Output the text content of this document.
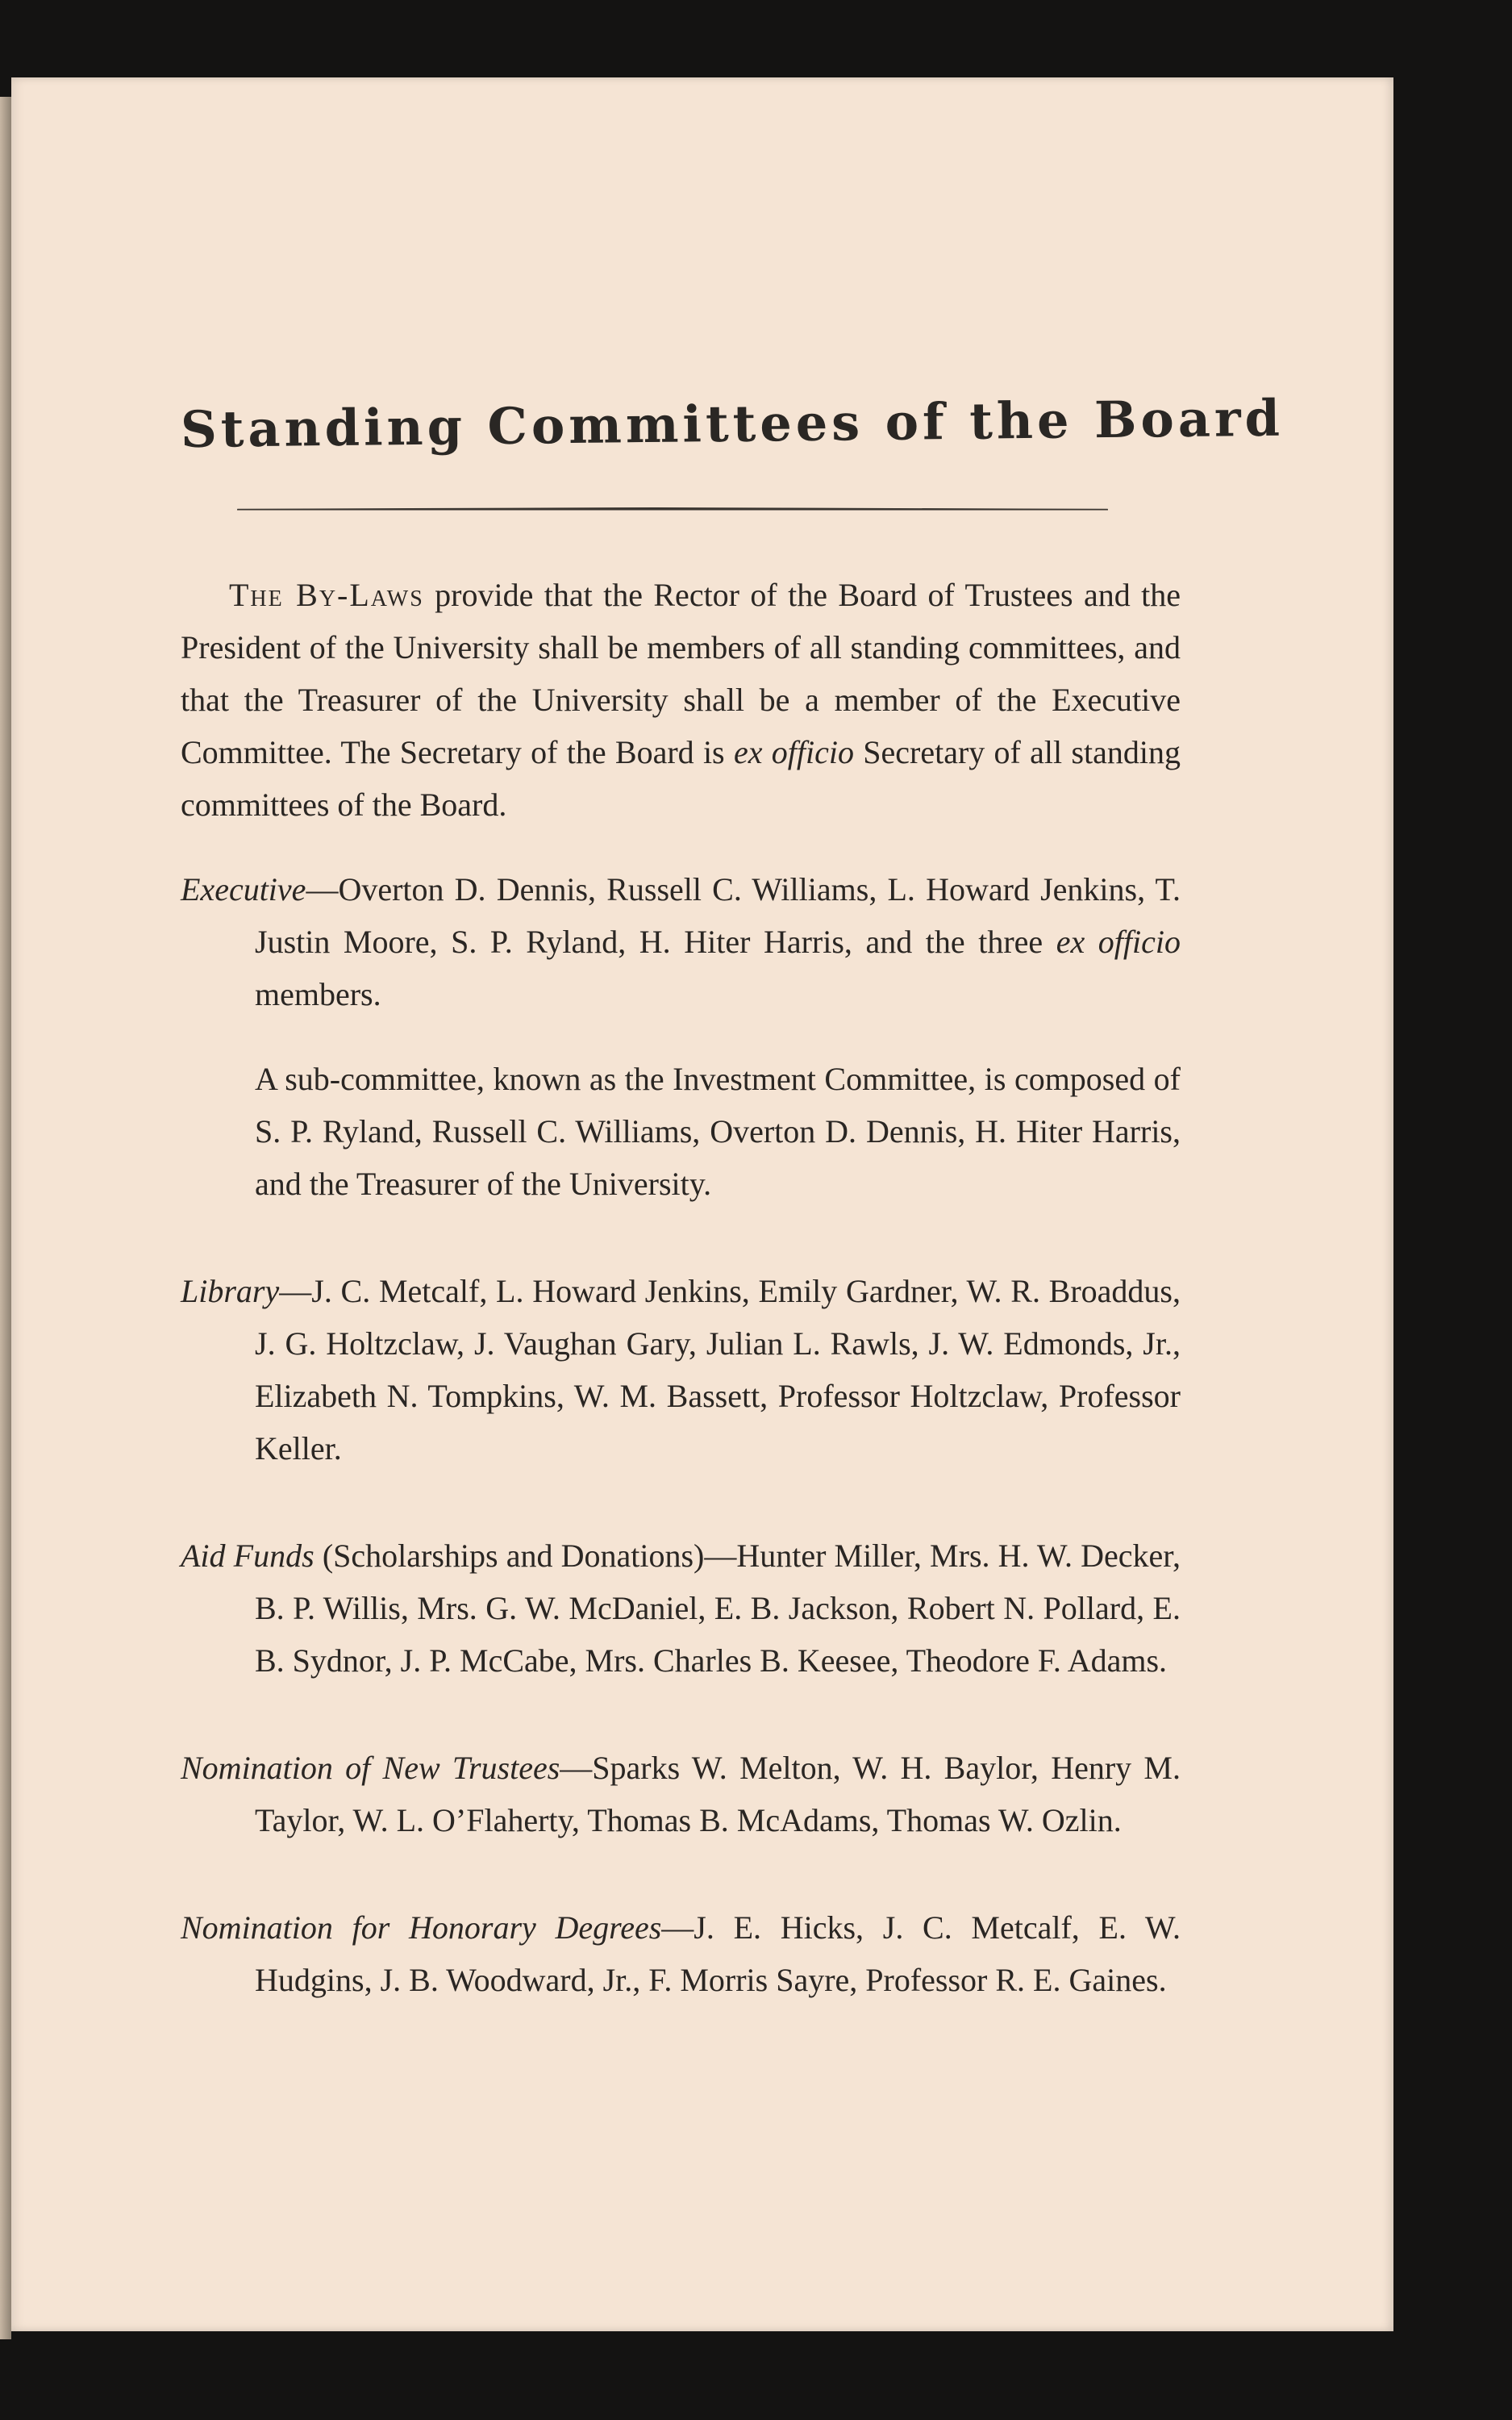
Standing Committees of the Board

The By-Laws provide that the Rector of the Board of Trustees and the President of the University shall be members of all standing committees, and that the Treasurer of the University shall be a member of the Executive Committee. The Secretary of the Board is ex officio Secretary of all standing committees of the Board.

Executive—Overton D. Dennis, Russell C. Williams, L. Howard Jenkins, T. Justin Moore, S. P. Ryland, H. Hiter Harris, and the three ex officio members.

A sub-committee, known as the Investment Committee, is composed of S. P. Ryland, Russell C. Williams, Overton D. Dennis, H. Hiter Harris, and the Treasurer of the University.

Library—J. C. Metcalf, L. Howard Jenkins, Emily Gardner, W. R. Broaddus, J. G. Holtzclaw, J. Vaughan Gary, Julian L. Rawls, J. W. Edmonds, Jr., Elizabeth N. Tompkins, W. M. Bassett, Professor Holtzclaw, Professor Keller.

Aid Funds (Scholarships and Donations)—Hunter Miller, Mrs. H. W. Decker, B. P. Willis, Mrs. G. W. McDaniel, E. B. Jackson, Robert N. Pollard, E. B. Sydnor, J. P. McCabe, Mrs. Charles B. Keesee, Theodore F. Adams.

Nomination of New Trustees—Sparks W. Melton, W. H. Baylor, Henry M. Taylor, W. L. O’Flaherty, Thomas B. McAdams, Thomas W. Ozlin.

Nomination for Honorary Degrees—J. E. Hicks, J. C. Metcalf, E. W. Hudgins, J. B. Woodward, Jr., F. Morris Sayre, Professor R. E. Gaines.
